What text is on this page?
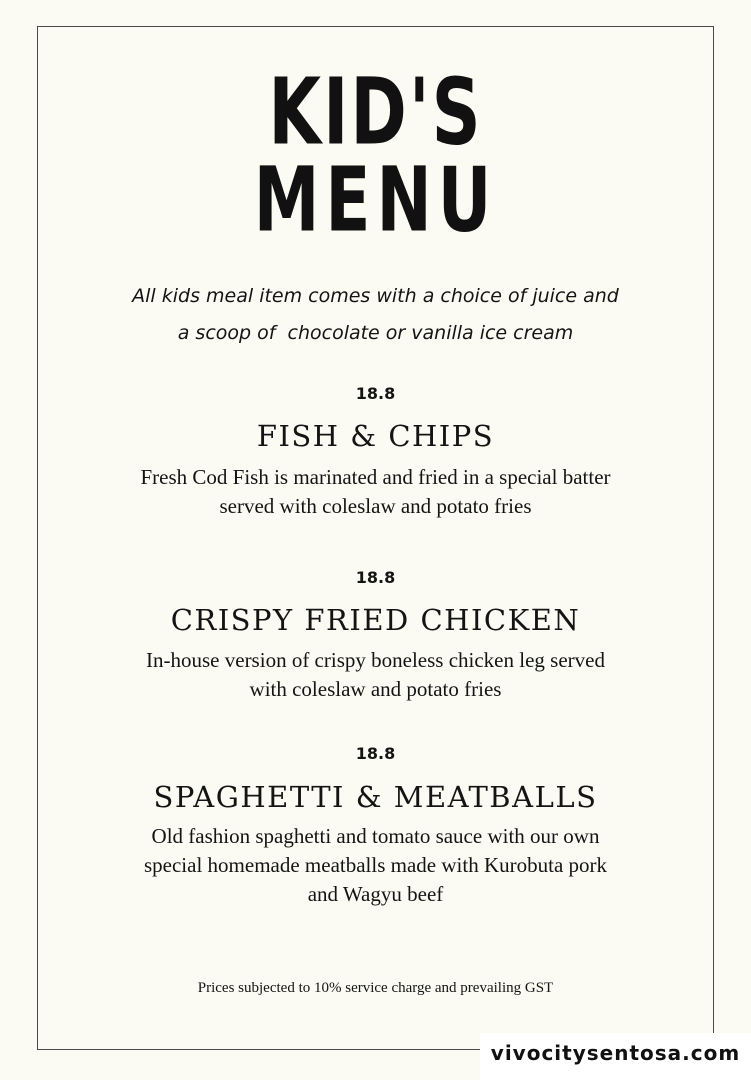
KID'S
MENU
All kids meal item comes with a choice of juice and
a scoop of  chocolate or vanilla ice cream
18.8
FISH & CHIPS
Fresh Cod Fish is marinated and fried in a special batter served with coleslaw and potato fries
18.8
CRISPY FRIED CHICKEN
In-house version of crispy boneless chicken leg served with coleslaw and potato fries
18.8
SPAGHETTI & MEATBALLS
Old fashion spaghetti and tomato sauce with our own special homemade meatballs made with Kurobuta pork and Wagyu beef
Prices subjected to 10% service charge and prevailing GST
vivocitysentosa.com
